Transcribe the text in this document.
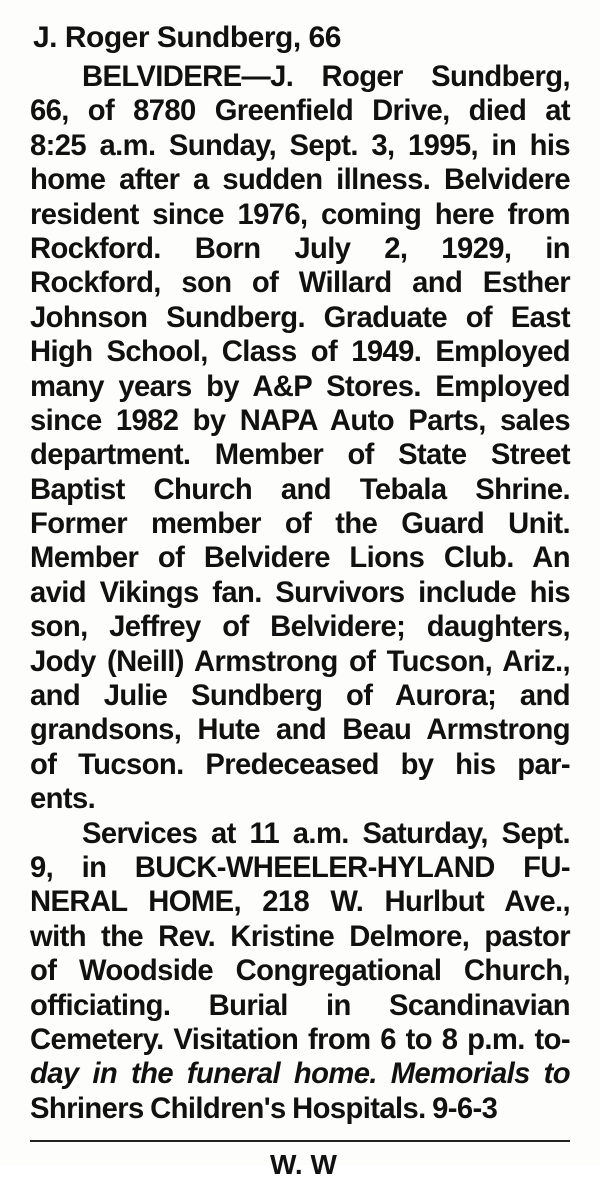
J. Roger Sundberg, 66
BELVIDERE—J. Roger Sundberg,
66, of 8780 Greenfield Drive, died at
8:25 a.m. Sunday, Sept. 3, 1995, in his
home after a sudden illness. Belvidere
resident since 1976, coming here from
Rockford. Born July 2, 1929, in
Rockford, son of Willard and Esther
Johnson Sundberg. Graduate of East
High School, Class of 1949. Employed
many years by A&P Stores. Employed
since 1982 by NAPA Auto Parts, sales
department. Member of State Street
Baptist Church and Tebala Shrine.
Former member of the Guard Unit.
Member of Belvidere Lions Club. An
avid Vikings fan. Survivors include his
son, Jeffrey of Belvidere; daughters,
Jody (Neill) Armstrong of Tucson, Ariz.,
and Julie Sundberg of Aurora; and
grandsons, Hute and Beau Armstrong
of Tucson. Predeceased by his par-
ents.
Services at 11 a.m. Saturday, Sept.
9, in BUCK-WHEELER-HYLAND FU-
NERAL HOME, 218 W. Hurlbut Ave.,
with the Rev. Kristine Delmore, pastor
of Woodside Congregational Church,
officiating. Burial in Scandinavian
Cemetery. Visitation from 6 to 8 p.m. to-
day in the funeral home. Memorials to
Shriners Children's Hospitals. 9-6-3
W. W
